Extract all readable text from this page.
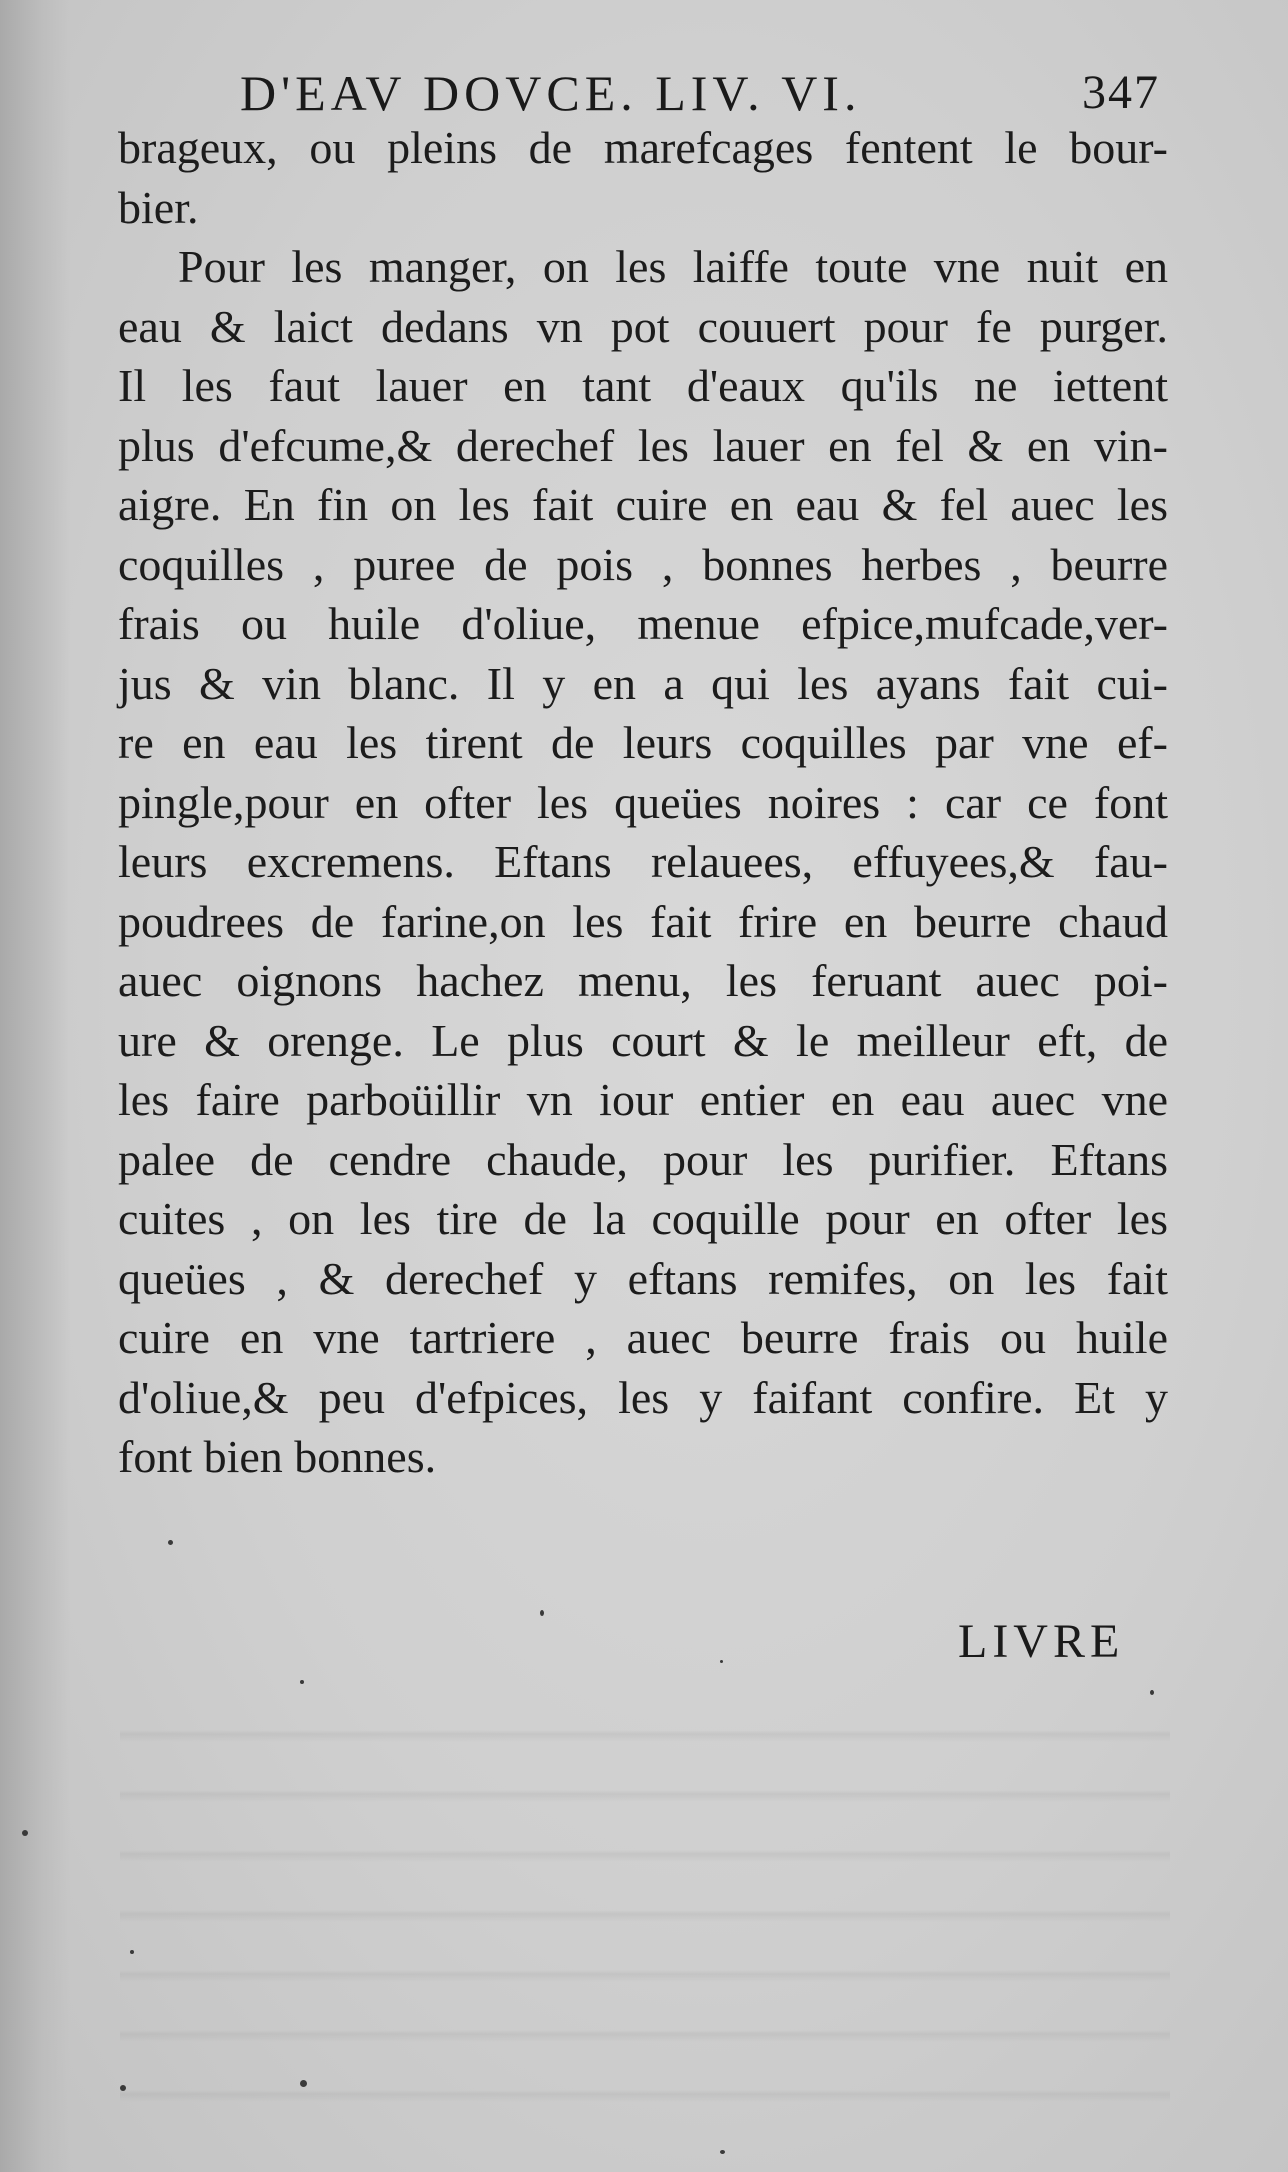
D'EAV DOVCE. LIV. VI.	347
brageux, ou pleins de marefcages fentent le bour-
bier.
Pour les manger, on les laiffe toute vne nuit en
eau & laict dedans vn pot couuert pour fe purger.
Il les faut lauer en tant d'eaux qu'ils ne iettent
plus d'efcume,& derechef les lauer en fel & en vin-
aigre. En fin on les fait cuire en eau & fel auec les
coquilles , puree de pois , bonnes herbes , beurre
frais ou huile d'oliue, menue efpice,mufcade,ver-
jus & vin blanc. Il y en a qui les ayans fait cui-
re en eau les tirent de leurs coquilles par vne ef-
pingle,pour en ofter les queües noires : car ce font
leurs excremens. Eftans relauees, effuyees,& fau-
poudrees de farine,on les fait frire en beurre chaud
auec oignons hachez menu, les feruant auec poi-
ure & orenge. Le plus court & le meilleur eft, de
les faire parboüillir vn iour entier en eau auec vne
palee de cendre chaude, pour les purifier. Eftans
cuites , on les tire de la coquille pour en ofter les
queües , & derechef y eftans remifes, on les fait
cuire en vne tartriere , auec beurre frais ou huile
d'oliue,& peu d'efpices, les y faifant confire. Et y
font bien bonnes.
LIVRE
